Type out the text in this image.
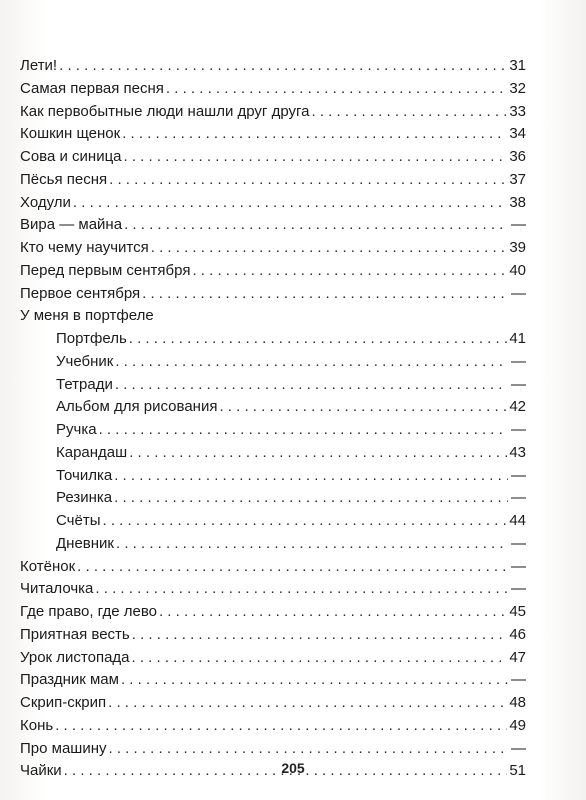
Лети! . . .	31
Самая первая песня . . .	32
Как первобытные люди нашли друг друга . . .	33
Кошкин щенок . . .	34
Сова и синица . . .	36
Пёсья песня . . .	37
Ходули . . .	38
Вира — майна . . .	—
Кто чему научится . . .	39
Перед первым сентября . . .	40
Первое сентября . . .	—
У меня в портфеле
Портфель . . .	41
Учебник . . .	—
Тетради . . .	—
Альбом для рисования . . .	42
Ручка . . .	—
Карандаш . . .	43
Точилка . . .	—
Резинка . . .	—
Счёты . . .	44
Дневник . . .	—
Котёнок . . .	—
Читалочка . . .	—
Где право, где лево . . .	45
Приятная весть . . .	46
Урок листопада . . .	47
Праздник мам . . .	—
Скрип-скрип . . .	48
Конь . . .	49
Про машину . . .	—
Чайки . . .	51
205
